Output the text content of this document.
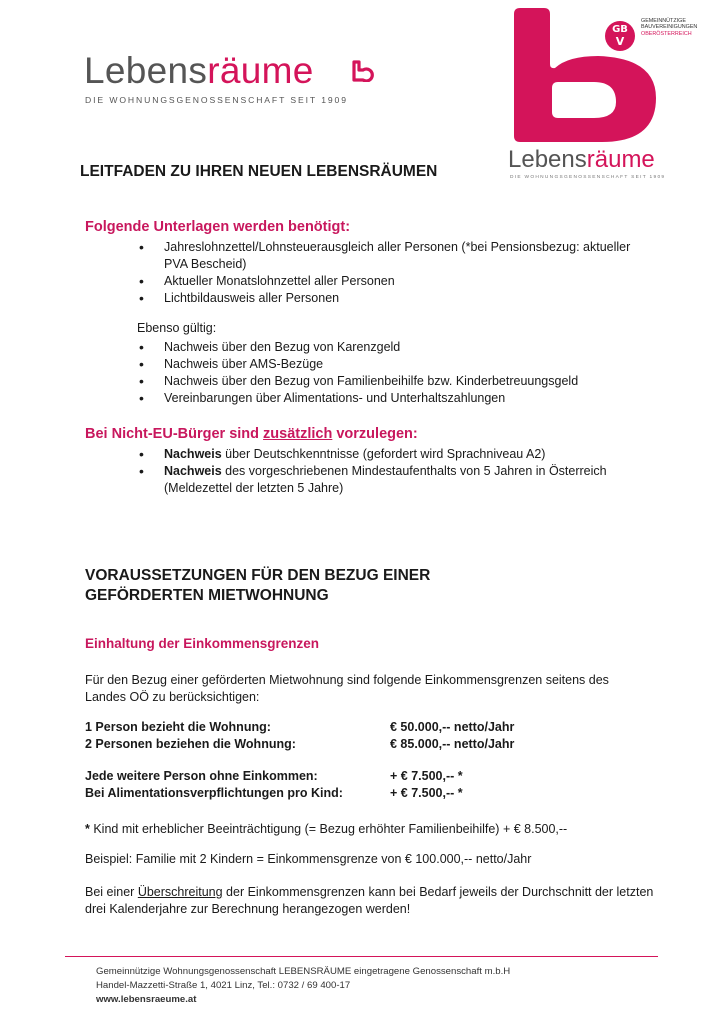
Lebensräume
DIE WOHNUNGSGENOSSENSCHAFT SEIT 1909
GB
V
GEMEINNÜTZIGE
BAUVEREINIGUNGEN
OBERÖSTERREICH
Lebensräume
DIE WOHNUNGSGENOSSENSCHAFT SEIT 1909
LEITFADEN ZU IHREN NEUEN LEBENSRÄUMEN
Folgende Unterlagen werden benötigt:
• Jahreslohnzettel/Lohnsteuerausgleich aller Personen (*bei Pensionsbezug: aktueller PVA Bescheid)
• Aktueller Monatslohnzettel aller Personen
• Lichtbildausweis aller Personen
Ebenso gültig:
• Nachweis über den Bezug von Karenzgeld
• Nachweis über AMS-Bezüge
• Nachweis über den Bezug von Familienbeihilfe bzw. Kinderbetreuungsgeld
• Vereinbarungen über Alimentations- und Unterhaltszahlungen
Bei Nicht-EU-Bürger sind zusätzlich vorzulegen:
• Nachweis über Deutschkenntnisse (gefordert wird Sprachniveau A2)
• Nachweis des vorgeschriebenen Mindestaufenthalts von 5 Jahren in Österreich (Meldezettel der letzten 5 Jahre)
VORAUSSETZUNGEN FÜR DEN BEZUG EINER
GEFÖRDERTEN MIETWOHNUNG
Einhaltung der Einkommensgrenzen
Für den Bezug einer geförderten Mietwohnung sind folgende Einkommensgrenzen seitens des Landes OÖ zu berücksichtigen:
1 Person bezieht die Wohnung:	€ 50.000,-- netto/Jahr
2 Personen beziehen die Wohnung:	€ 85.000,-- netto/Jahr
Jede weitere Person ohne Einkommen:	+ € 7.500,-- *
Bei Alimentationsverpflichtungen pro Kind:	+ € 7.500,-- *
* Kind mit erheblicher Beeinträchtigung (= Bezug erhöhter Familienbeihilfe) + € 8.500,--
Beispiel: Familie mit 2 Kindern = Einkommensgrenze von € 100.000,-- netto/Jahr
Bei einer Überschreitung der Einkommensgrenzen kann bei Bedarf jeweils der Durchschnitt der letzten drei Kalenderjahre zur Berechnung herangezogen werden!
Gemeinnützige Wohnungsgenossenschaft LEBENSRÄUME eingetragene Genossenschaft m.b.H
Handel-Mazzetti-Straße 1, 4021 Linz, Tel.: 0732 / 69 400-17
www.lebensraeume.at
